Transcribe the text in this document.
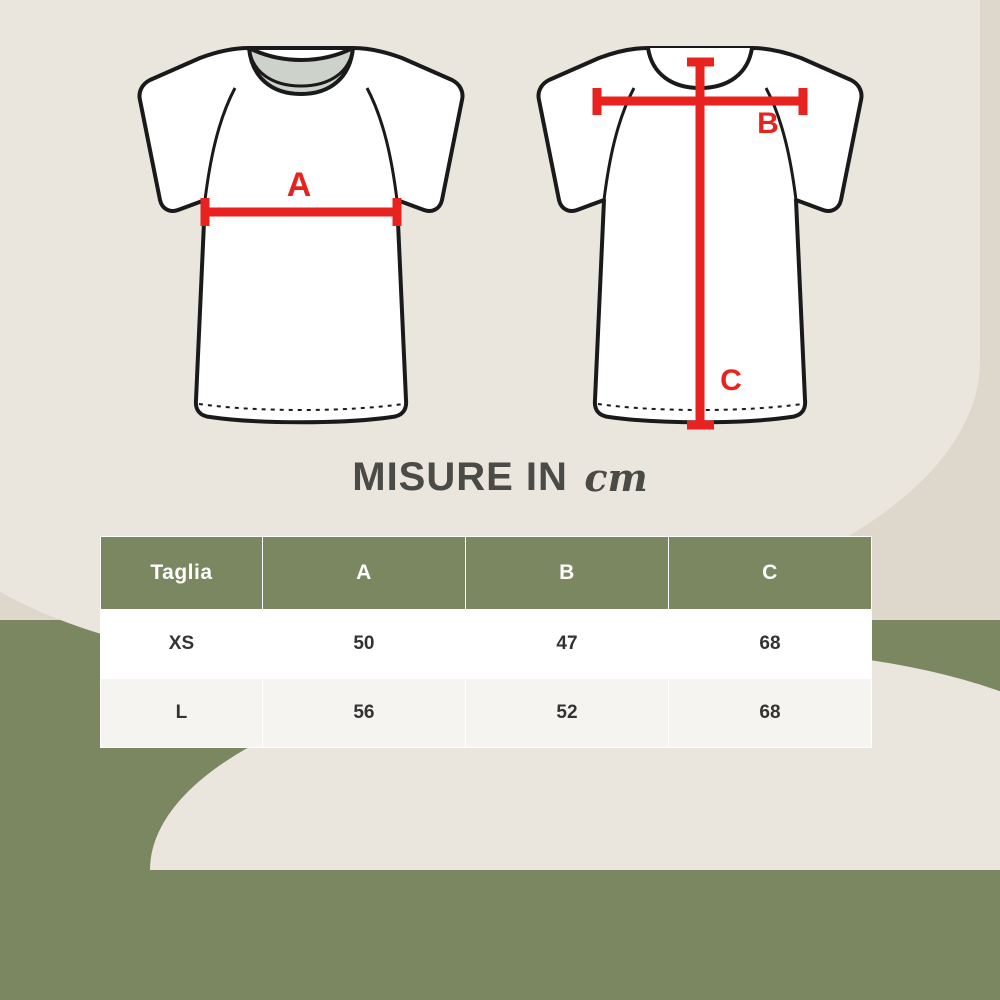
A
B
C
MISURE IN cm
Taglia	A	B	C
XS	50	47	68
L	56	52	68
